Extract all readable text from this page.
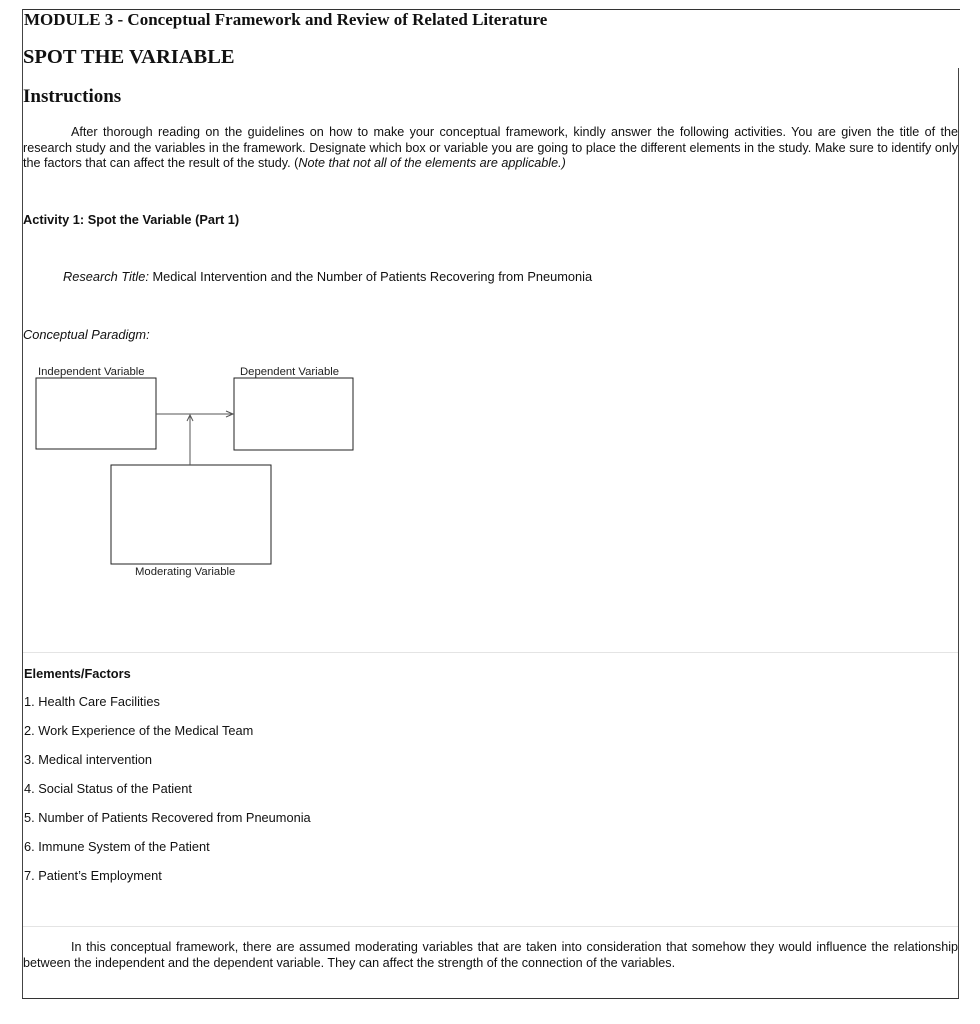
MODULE 3 - Conceptual Framework and Review of Related Literature
SPOT THE VARIABLE
Instructions
After thorough reading on the guidelines on how to make your conceptual framework, kindly answer the following activities. You are given the title of the research study and the variables in the framework. Designate which box or variable you are going to place the different elements in the study. Make sure to identify only the factors that can affect the result of the study. (Note that not all of the elements are applicable.)
Activity 1: Spot the Variable (Part 1)
Research Title: Medical Intervention and the Number of Patients Recovering from Pneumonia
Conceptual Paradigm:
Independent Variable	Dependent Variable
Moderating Variable
Elements/Factors
1. Health Care Facilities
2. Work Experience of the Medical Team
3. Medical intervention
4. Social Status of the Patient
5. Number of Patients Recovered from Pneumonia
6. Immune System of the Patient
7. Patient’s Employment
In this conceptual framework, there are assumed moderating variables that are taken into consideration that somehow they would influence the relationship between the independent and the dependent variable. They can affect the strength of the connection of the variables.
